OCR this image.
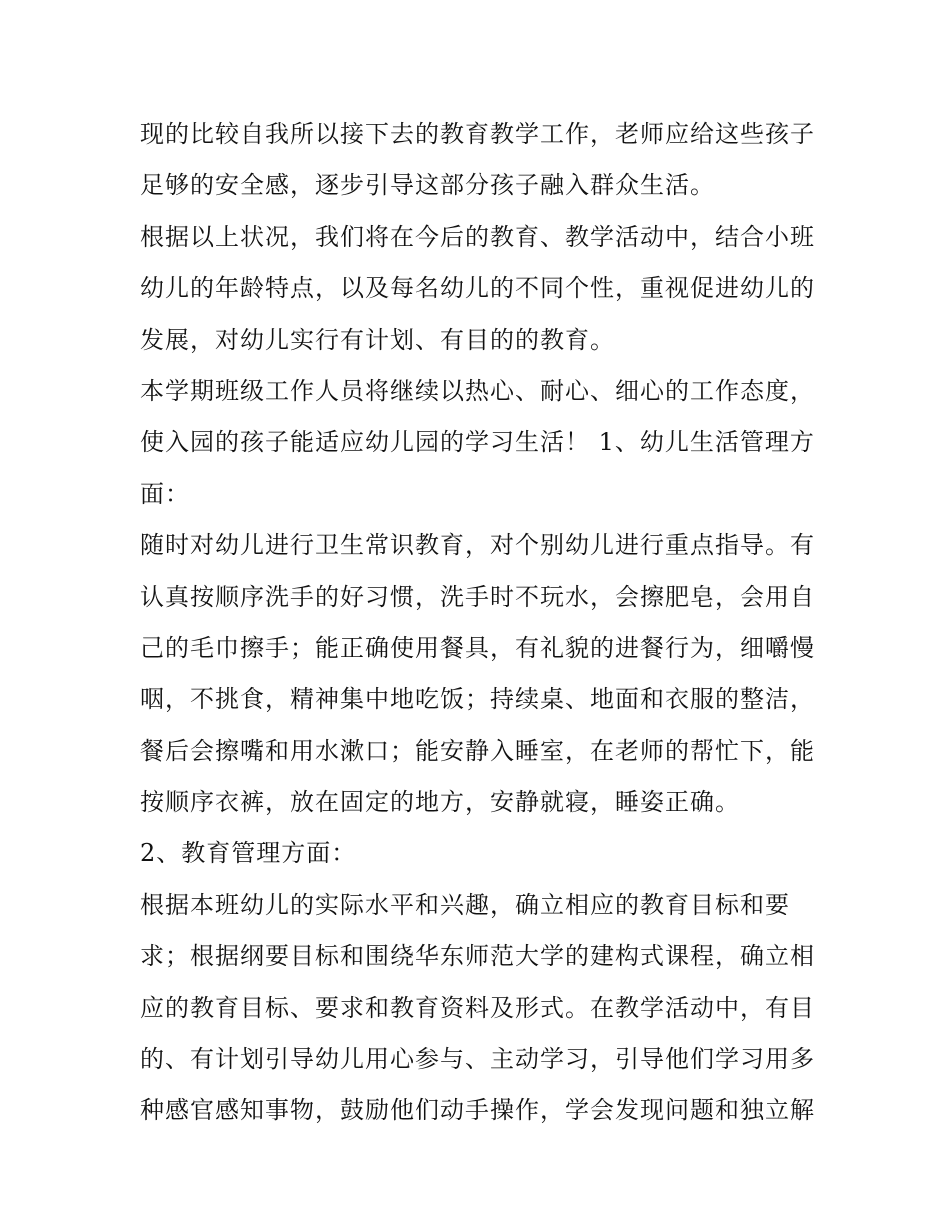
现的比较自我所以接下去的教育教学工作，老师应给这些孩子
足够的安全感，逐步引导这部分孩子融入群众生活。
根据以上状况，我们将在今后的教育、教学活动中，结合小班
幼儿的年龄特点，以及每名幼儿的不同个性，重视促进幼儿的
发展，对幼儿实行有计划、有目的的教育。
本学期班级工作人员将继续以热心、耐心、细心的工作态度，
使入园的孩子能适应幼儿园的学习生活！ 1、幼儿生活管理方
面：
随时对幼儿进行卫生常识教育，对个别幼儿进行重点指导。有
认真按顺序洗手的好习惯，洗手时不玩水，会擦肥皂，会用自
己的毛巾擦手；能正确使用餐具，有礼貌的进餐行为，细嚼慢
咽，不挑食，精神集中地吃饭；持续桌、地面和衣服的整洁，
餐后会擦嘴和用水漱口；能安静入睡室，在老师的帮忙下，能
按顺序衣裤，放在固定的地方，安静就寝，睡姿正确。
2、教育管理方面：
根据本班幼儿的实际水平和兴趣，确立相应的教育目标和要
求；根据纲要目标和围绕华东师范大学的建构式课程，确立相
应的教育目标、要求和教育资料及形式。在教学活动中，有目
的、有计划引导幼儿用心参与、主动学习，引导他们学习用多
种感官感知事物，鼓励他们动手操作，学会发现问题和独立解
